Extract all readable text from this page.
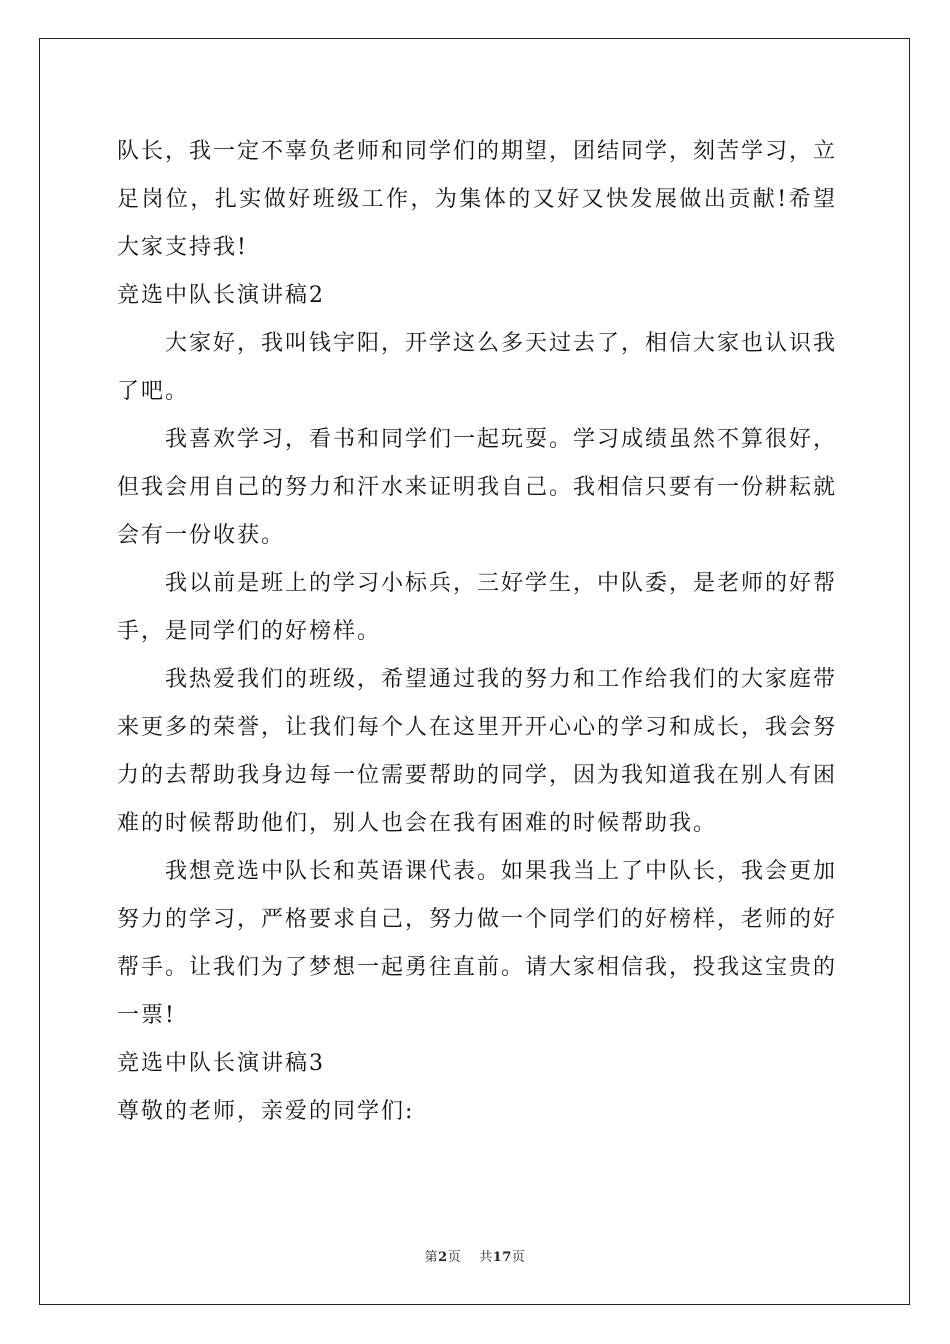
队长，我一定不辜负老师和同学们的期望，团结同学，刻苦学习，立足岗位，扎实做好班级工作，为集体的又好又快发展做出贡献!希望大家支持我!

竞选中队长演讲稿2

大家好，我叫钱宇阳，开学这么多天过去了，相信大家也认识我了吧。

我喜欢学习，看书和同学们一起玩耍。学习成绩虽然不算很好，但我会用自己的努力和汗水来证明我自己。我相信只要有一份耕耘就会有一份收获。

我以前是班上的学习小标兵，三好学生，中队委，是老师的好帮手，是同学们的好榜样。

我热爱我们的班级，希望通过我的努力和工作给我们的大家庭带来更多的荣誉，让我们每个人在这里开开心心的学习和成长，我会努力的去帮助我身边每一位需要帮助的同学，因为我知道我在别人有困难的时候帮助他们，别人也会在我有困难的时候帮助我。

我想竞选中队长和英语课代表。如果我当上了中队长，我会更加努力的学习，严格要求自己，努力做一个同学们的好榜样，老师的好帮手。让我们为了梦想一起勇往直前。请大家相信我，投我这宝贵的一票!

竞选中队长演讲稿3

尊敬的老师，亲爱的同学们:

第2页 共17页
